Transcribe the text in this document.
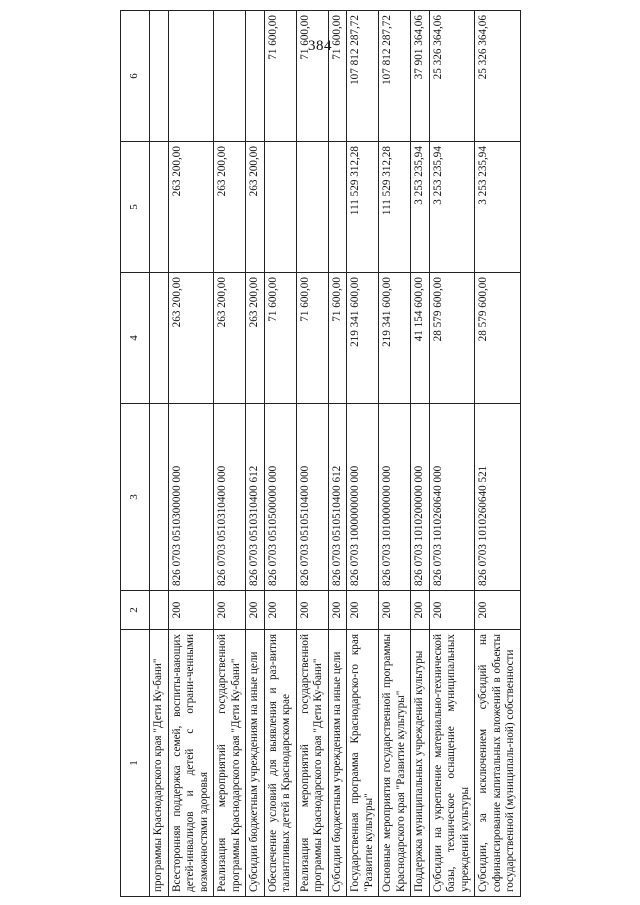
384
1	2	3	4	5	6
программы Краснодарского края "Дети Ку-бани"					
Всесторонняя поддержка семей, воспиты-вающих детей-инвалидов и детей с ограни-ченными возможностями здоровья	200	826 0703 0510300000 000	263 200,00	263 200,00	
Реализация мероприятий государственной программы Краснодарского края "Дети Ку-бани"	200	826 0703 0510310400 000	263 200,00	263 200,00	
Субсидии бюджетным учреждениям на иные цели	200	826 0703 0510310400 612	263 200,00	263 200,00	
Обеспечение условий для выявления и раз-вития талантливых детей в Краснодарском крае	200	826 0703 0510500000 000	71 600,00		71 600,00
Реализация мероприятий государственной программы Краснодарского края "Дети Ку-бани"	200	826 0703 0510510400 000	71 600,00		71 600,00
Субсидии бюджетным учреждениям на иные цели	200	826 0703 0510510400 612	71 600,00		71 600,00
Государственная программа Краснодарско-го края "Развитие культуры"	200	826 0703 1000000000 000	219 341 600,00	111 529 312,28	107 812 287,72
Основные мероприятия государственной программы Краснодарского края "Развитие культуры"	200	826 0703 1010000000 000	219 341 600,00	111 529 312,28	107 812 287,72
Поддержка муниципальных учреждений культуры	200	826 0703 1010200000 000	41 154 600,00	3 253 235,94	37 901 364,06
Субсидии на укрепление материально-технической базы, техническое оснащение муниципальных учреждений культуры	200	826 0703 1010260640 000	28 579 600,00	3 253 235,94	25 326 364,06
Субсидии, за исключением субсидий на софинансирование капитальных вложений в объекты государственной (муниципаль-ной) собственности	200	826 0703 1010260640 521	28 579 600,00	3 253 235,94	25 326 364,06
